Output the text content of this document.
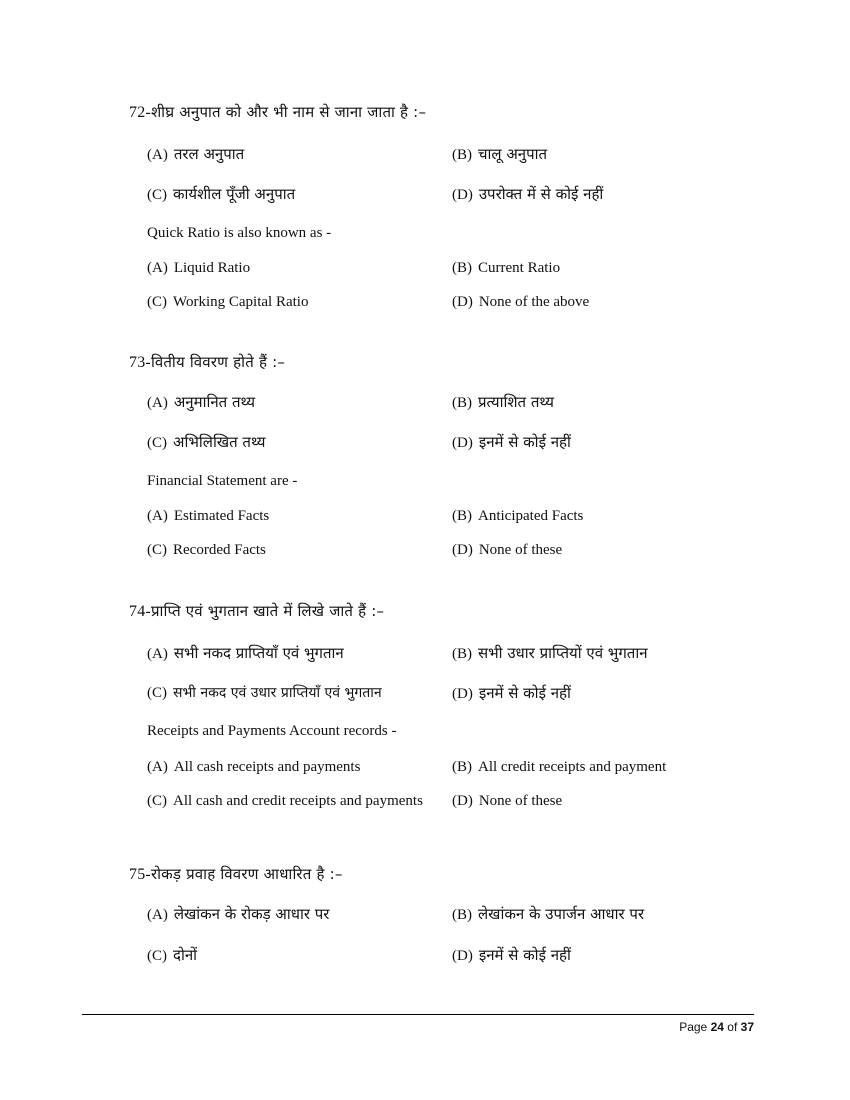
72-शीघ्र अनुपात को और भी नाम से जाना जाता है :–
(A) तरल अनुपात	(B) चालू अनुपात
(C) कार्यशील पूँजी अनुपात	(D) उपरोक्त में से कोई नहीं
Quick Ratio is also known as -
(A) Liquid Ratio	(B) Current Ratio
(C) Working Capital Ratio	(D) None of the above
73-वितीय विवरण होते हैं :–
(A) अनुमानित तथ्य	(B) प्रत्याशित तथ्य
(C) अभिलिखित तथ्य	(D) इनमें से कोई नहीं
Financial Statement are -
(A) Estimated Facts	(B) Anticipated Facts
(C) Recorded Facts	(D) None of these
74-प्राप्ति एवं भुगतान खाते में लिखे जाते हैं :–
(A) सभी नकद प्राप्तियाँ एवं भुगतान	(B) सभी उधार प्राप्तियों एवं भुगतान
(C) सभी नकद एवं उधार प्राप्तियाँ एवं भुगतान	(D) इनमें से कोई नहीं
Receipts and Payments Account records -
(A) All cash receipts and payments	(B) All credit receipts and payment
(C) All cash and credit receipts and payments (D) None of these
75-रोकड़ प्रवाह विवरण आधारित है :–
(A) लेखांकन के रोकड़ आधार पर	(B) लेखांकन के उपार्जन आधार पर
(C) दोनों	(D) इनमें से कोई नहीं
Page 24 of 37
